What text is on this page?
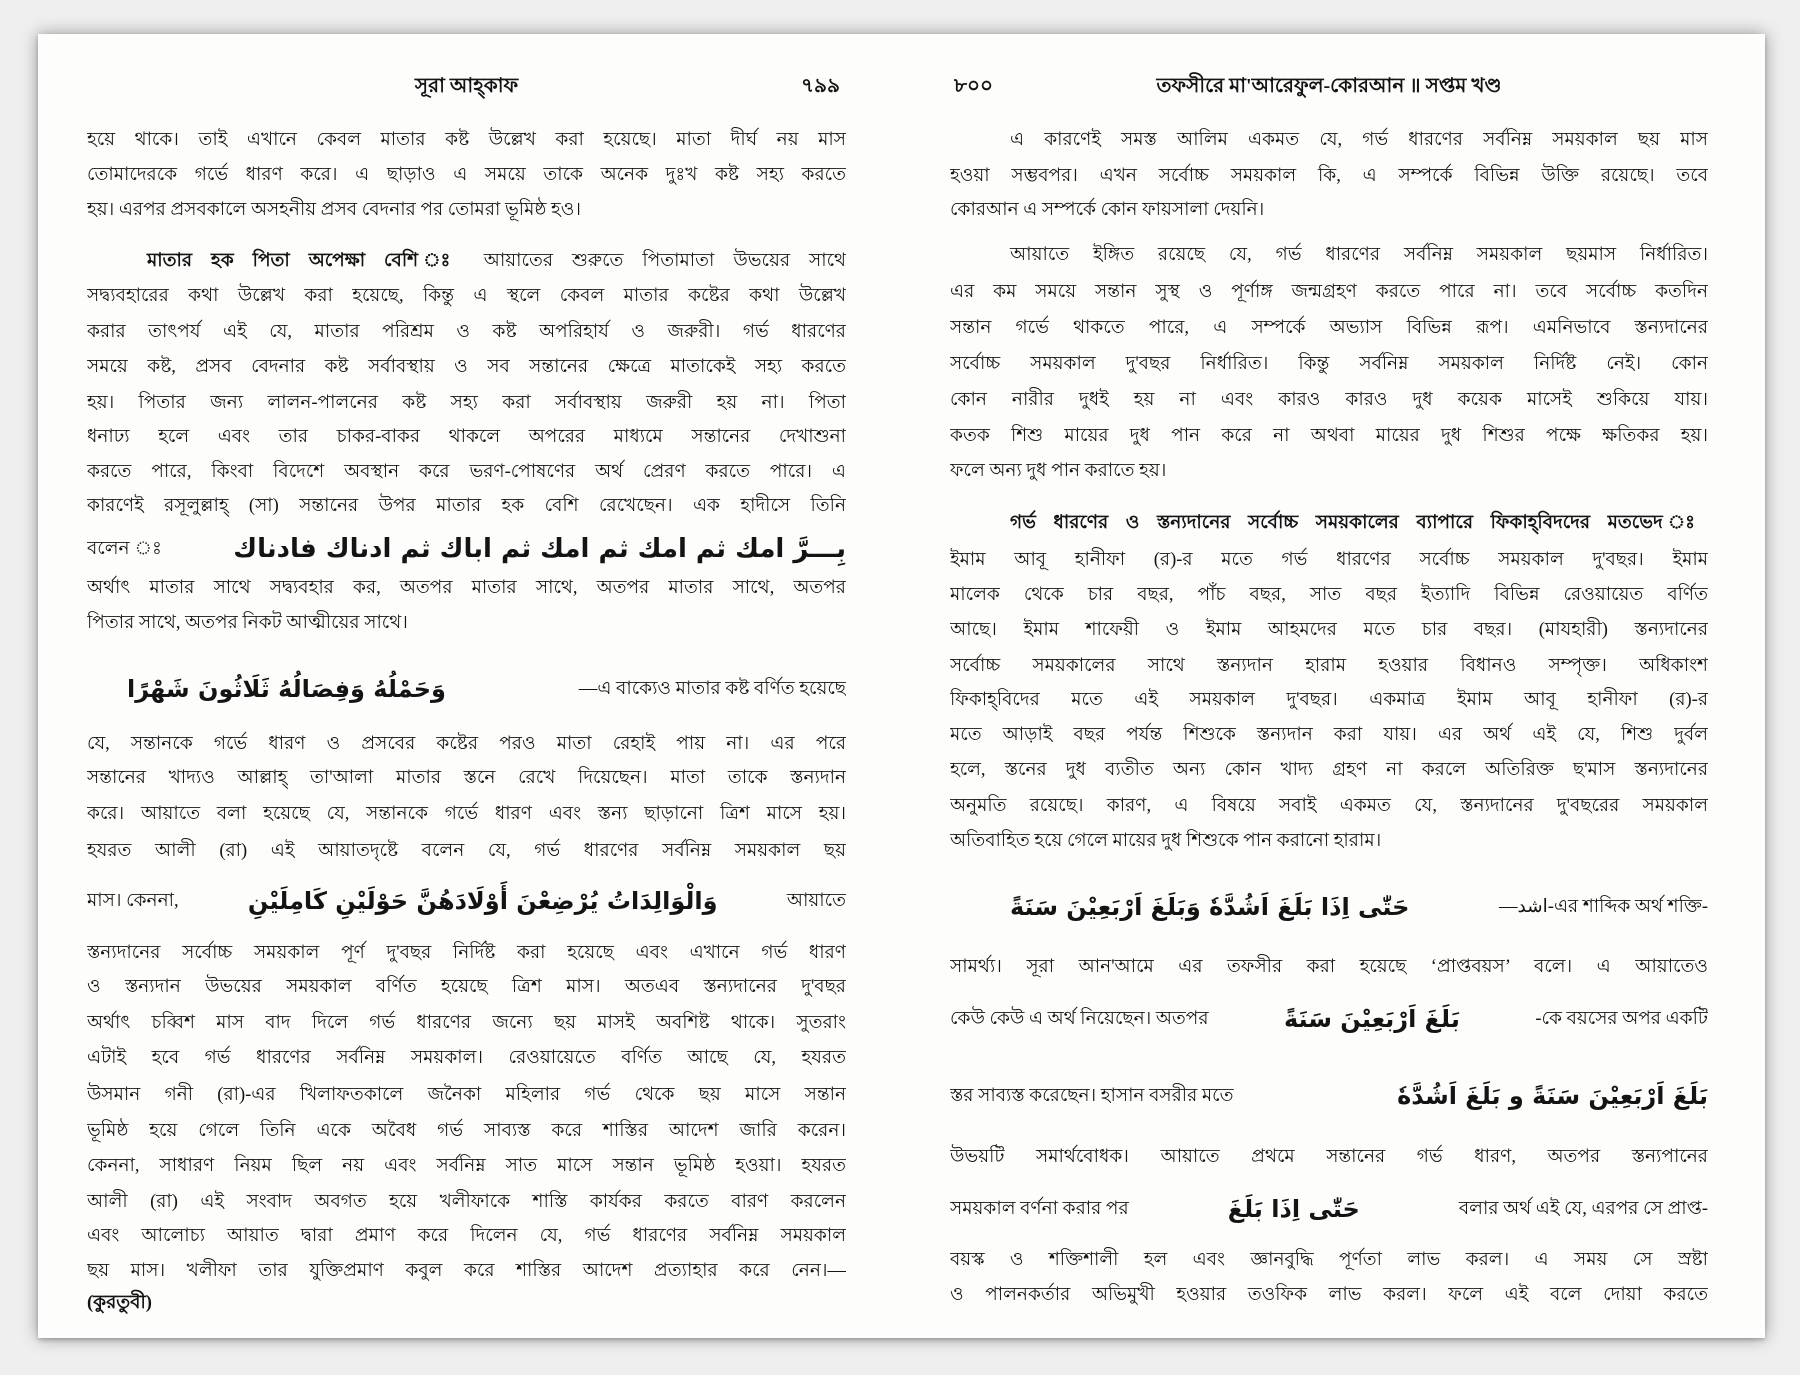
সূরা আহ্‌কাফ	৭৯৯
হয়ে থাকে। তাই এখানে কেবল মাতার কষ্ট উল্লেখ করা হয়েছে। মাতা দীর্ঘ নয় মাস
তোমাদেরকে গর্ভে ধারণ করে। এ ছাড়াও এ সময়ে তাকে অনেক দুঃখ কষ্ট সহ্য করতে
হয়। এরপর প্রসবকালে অসহনীয় প্রসব বেদনার পর তোমরা ভূমিষ্ঠ হও।
মাতার হক পিতা অপেক্ষা বেশি ঃ আয়াতের শুরুতে পিতামাতা উভয়ের সাথে
সদ্ব্যবহারের কথা উল্লেখ করা হয়েছে, কিন্তু এ স্থলে কেবল মাতার কষ্টের কথা উল্লেখ
করার তাৎপর্য এই যে, মাতার পরিশ্রম ও কষ্ট অপরিহার্য ও জরুরী। গর্ভ ধারণের
সময়ে কষ্ট, প্রসব বেদনার কষ্ট সর্বাবস্থায় ও সব সন্তানের ক্ষেত্রে মাতাকেই সহ্য করতে
হয়। পিতার জন্য লালন-পালনের কষ্ট সহ্য করা সর্বাবস্থায় জরুরী হয় না। পিতা
ধনাঢ্য হলে এবং তার চাকর-বাকর থাকলে অপরের মাধ্যমে সন্তানের দেখাশুনা
করতে পারে, কিংবা বিদেশে অবস্থান করে ভরণ-পোষণের অর্থ প্রেরণ করতে পারে। এ
কারণেই রসূলুল্লাহ্ (সা) সন্তানের উপর মাতার হক বেশি রেখেছেন। এক হাদীসে তিনি
বলেন ঃ	بِـــرَّ امك ثم امك ثم امك ثم اباك ثم ادناك فادناك
অর্থাৎ মাতার সাথে সদ্ব্যবহার কর, অতপর মাতার সাথে, অতপর মাতার সাথে, অতপর
পিতার সাথে, অতপর নিকট আত্মীয়ের সাথে।
وَحَمْلُهُ وَفِصَالُهُ ثَلَاثُونَ شَهْرًا	—এ বাক্যেও মাতার কষ্ট বর্ণিত হয়েছে
যে, সন্তানকে গর্ভে ধারণ ও প্রসবের কষ্টের পরও মাতা রেহাই পায় না। এর পরে
সন্তানের খাদ্যও আল্লাহ্ তা'আলা মাতার স্তনে রেখে দিয়েছেন। মাতা তাকে স্তন্যদান
করে। আয়াতে বলা হয়েছে যে, সন্তানকে গর্ভে ধারণ এবং স্তন্য ছাড়ানো ত্রিশ মাসে হয়।
হযরত আলী (রা) এই আয়াতদৃষ্টে বলেন যে, গর্ভ ধারণের সর্বনিম্ন সময়কাল ছয়
মাস। কেননা,	وَالْوَالِدَاتُ يُرْضِعْنَ أَوْلَادَهُنَّ حَوْلَيْنِ كَامِلَيْنِ	আয়াতে
স্তন্যদানের সর্বোচ্চ সময়কাল পূর্ণ দু'বছর নির্দিষ্ট করা হয়েছে এবং এখানে গর্ভ ধারণ
ও স্তন্যদান উভয়ের সময়কাল বর্ণিত হয়েছে ত্রিশ মাস। অতএব স্তন্যদানের দু'বছর
অর্থাৎ চব্বিশ মাস বাদ দিলে গর্ভ ধারণের জন্যে ছয় মাসই অবশিষ্ট থাকে। সুতরাং
এটাই হবে গর্ভ ধারণের সর্বনিম্ন সময়কাল। রেওয়ায়েতে বর্ণিত আছে যে, হযরত
উসমান গনী (রা)-এর খিলাফতকালে জনৈকা মহিলার গর্ভ থেকে ছয় মাসে সন্তান
ভূমিষ্ঠ হয়ে গেলে তিনি একে অবৈধ গর্ভ সাব্যস্ত করে শাস্তির আদেশ জারি করেন।
কেননা, সাধারণ নিয়ম ছিল নয় এবং সর্বনিম্ন সাত মাসে সন্তান ভূমিষ্ঠ হওয়া। হযরত
আলী (রা) এই সংবাদ অবগত হয়ে খলীফাকে শাস্তি কার্যকর করতে বারণ করলেন
এবং আলোচ্য আয়াত দ্বারা প্রমাণ করে দিলেন যে, গর্ভ ধারণের সর্বনিম্ন সময়কাল
ছয় মাস। খলীফা তার যুক্তিপ্রমাণ কবুল করে শাস্তির আদেশ প্রত্যাহার করে নেন।—
(কুরতুবী)
৮০০	তফসীরে মা'আরেফুল-কোরআন ॥ সপ্তম খণ্ড
এ কারণেই সমস্ত আলিম একমত যে, গর্ভ ধারণের সর্বনিম্ন সময়কাল ছয় মাস
হওয়া সম্ভবপর। এখন সর্বোচ্চ সময়কাল কি, এ সম্পর্কে বিভিন্ন উক্তি রয়েছে। তবে
কোরআন এ সম্পর্কে কোন ফায়সালা দেয়নি।
আয়াতে ইঙ্গিত রয়েছে যে, গর্ভ ধারণের সর্বনিম্ন সময়কাল ছয়মাস নির্ধারিত।
এর কম সময়ে সন্তান সুস্থ ও পূর্ণাঙ্গ জন্মগ্রহণ করতে পারে না। তবে সর্বোচ্চ কতদিন
সন্তান গর্ভে থাকতে পারে, এ সম্পর্কে অভ্যাস বিভিন্ন রূপ। এমনিভাবে স্তন্যদানের
সর্বোচ্চ সময়কাল দু'বছর নির্ধারিত। কিন্তু সর্বনিম্ন সময়কাল নির্দিষ্ট নেই। কোন
কোন নারীর দুধই হয় না এবং কারও কারও দুধ কয়েক মাসেই শুকিয়ে যায়।
কতক শিশু মায়ের দুধ পান করে না অথবা মায়ের দুধ শিশুর পক্ষে ক্ষতিকর হয়।
ফলে অন্য দুধ পান করাতে হয়।
গর্ভ ধারণের ও স্তন্যদানের সর্বোচ্চ সময়কালের ব্যাপারে ফিকাহ্‌বিদদের মতভেদ ঃ
ইমাম আবূ হানীফা (র)-র মতে গর্ভ ধারণের সর্বোচ্চ সময়কাল দু'বছর। ইমাম
মালেক থেকে চার বছর, পাঁচ বছর, সাত বছর ইত্যাদি বিভিন্ন রেওয়ায়েত বর্ণিত
আছে। ইমাম শাফেয়ী ও ইমাম আহমদের মতে চার বছর। (মাযহারী) স্তন্যদানের
সর্বোচ্চ সময়কালের সাথে স্তন্যদান হারাম হওয়ার বিধানও সম্পৃক্ত। অধিকাংশ
ফিকাহ্‌বিদের মতে এই সময়কাল দু'বছর। একমাত্র ইমাম আবূ হানীফা (র)-র
মতে আড়াই বছর পর্যন্ত শিশুকে স্তন্যদান করা যায়। এর অর্থ এই যে, শিশু দুর্বল
হলে, স্তনের দুধ ব্যতীত অন্য কোন খাদ্য গ্রহণ না করলে অতিরিক্ত ছ'মাস স্তন্যদানের
অনুমতি রয়েছে। কারণ, এ বিষয়ে সবাই একমত যে, স্তন্যদানের দু'বছরের সময়কাল
অতিবাহিত হয়ে গেলে মায়ের দুধ শিশুকে পান করানো হারাম।
حَتّٰى اِذَا بَلَغَ اَشُدَّهٗ وَبَلَغَ اَرْبَعِيْنَ سَنَةً	—اشد-এর শাব্দিক অর্থ শক্তি-
সামর্থ্য। সূরা আন'আমে এর তফসীর করা হয়েছে ‘প্রাপ্তবয়স’ বলে। এ আয়াতেও
কেউ কেউ এ অর্থ নিয়েছেন। অতপর	بَلَغَ اَرْبَعِيْنَ سَنَةً	-কে বয়সের অপর একটি
স্তর সাব্যস্ত করেছেন। হাসান বসরীর মতে	بَلَغَ اَرْبَعِيْنَ سَنَةً و بَلَغَ اَشُدَّهٗ
উভয়টি সমার্থবোধক। আয়াতে প্রথমে সন্তানের গর্ভ ধারণ, অতপর স্তন্যপানের
সময়কাল বর্ণনা করার পর	حَتّٰى اِذَا بَلَغَ	বলার অর্থ এই যে, এরপর সে প্রাপ্ত-
বয়স্ক ও শক্তিশালী হল এবং জ্ঞানবুদ্ধি পূর্ণতা লাভ করল। এ সময় সে স্রষ্টা
ও পালনকর্তার অভিমুখী হওয়ার তওফিক লাভ করল। ফলে এই বলে দোয়া করতে
